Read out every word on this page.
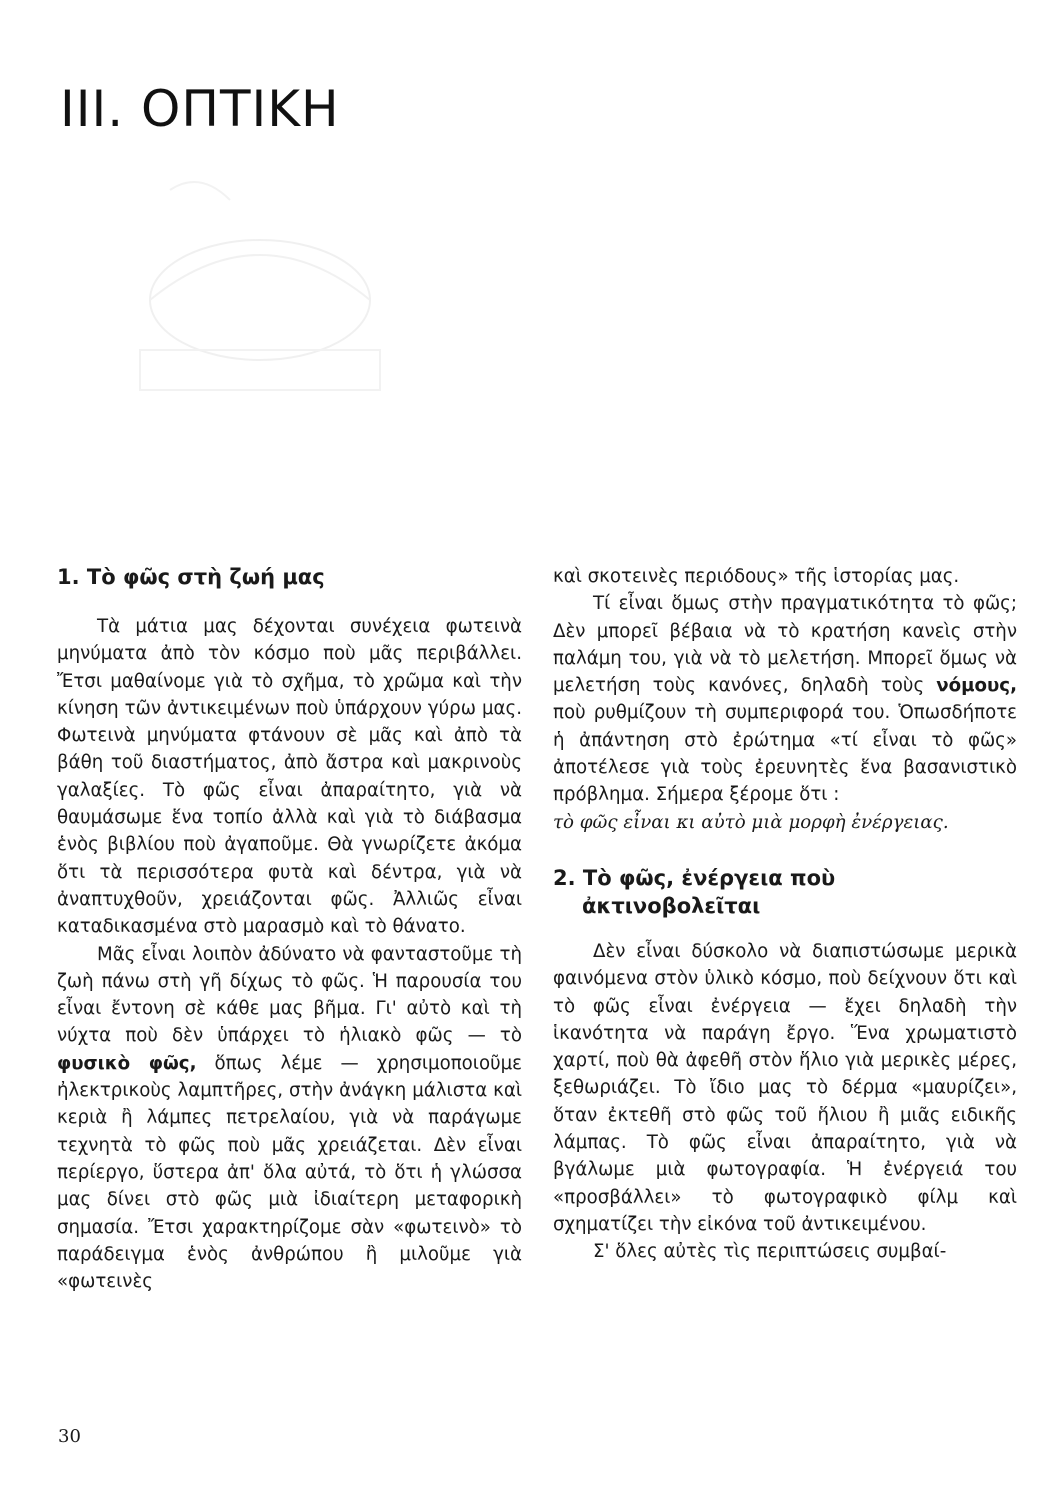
III. ΟΠΤΙΚΗ
1. Τὸ φῶς στὴ ζωή μας

Τὰ μάτια μας δέχονται συνέχεια φωτεινὰ μηνύματα ἀπὸ τὸν κόσμο ποὺ μᾶς περιβάλλει. Ἔτσι μαθαίνομε γιὰ τὸ σχῆμα, τὸ χρῶμα καὶ τὴν κίνηση τῶν ἀντικειμένων ποὺ ὑπάρχουν γύρω μας. Φωτεινὰ μηνύματα φτάνουν σὲ μᾶς καὶ ἀπὸ τὰ βάθη τοῦ διαστήματος, ἀπὸ ἄστρα καὶ μακρινοὺς γαλαξίες. Τὸ φῶς εἶναι ἀπαραίτητο, γιὰ νὰ θαυμάσωμε ἕνα τοπίο ἀλλὰ καὶ γιὰ τὸ διάβασμα ἑνὸς βιβλίου ποὺ ἀγαποῦμε. Θὰ γνωρίζετε ἀκόμα ὅτι τὰ περισσότερα φυτὰ καὶ δέντρα, γιὰ νὰ ἀναπτυχθοῦν, χρειάζονται φῶς. Ἀλλιῶς εἶναι καταδικασμένα στὸ μαρασμὸ καὶ τὸ θάνατο.

Μᾶς εἶναι λοιπὸν ἀδύνατο νὰ φανταστοῦμε τὴ ζωὴ πάνω στὴ γῆ δίχως τὸ φῶς. Ἡ παρουσία του εἶναι ἔντονη σὲ κάθε μας βῆμα. Γι' αὐτὸ καὶ τὴ νύχτα ποὺ δὲν ὑπάρχει τὸ ἡλιακὸ φῶς — τὸ φυσικὸ φῶς, ὅπως λέμε — χρησιμοποιοῦμε ἠλεκτρικοὺς λαμπτῆρες, στὴν ἀνάγκη μάλιστα καὶ κεριὰ ἢ λάμπες πετρελαίου, γιὰ νὰ παράγωμε τεχνητὰ τὸ φῶς ποὺ μᾶς χρειάζεται. Δὲν εἶναι περίεργο, ὕστερα ἀπ' ὅλα αὐτά, τὸ ὅτι ἡ γλώσσα μας δίνει στὸ φῶς μιὰ ἰδιαίτερη μεταφορικὴ σημασία. Ἔτσι χαρακτηρίζομε σὰν «φωτεινὸ» τὸ παράδειγμα ἑνὸς ἀνθρώπου ἢ μιλοῦμε γιὰ «φωτεινὲς

καὶ σκοτεινὲς περιόδους» τῆς ἱστορίας μας.

Τί εἶναι ὅμως στὴν πραγματικότητα τὸ φῶς; Δὲν μπορεῖ βέβαια νὰ τὸ κρατήση κανεὶς στὴν παλάμη του, γιὰ νὰ τὸ μελετήση. Μπορεῖ ὅμως νὰ μελετήση τοὺς κανόνες, δηλαδὴ τοὺς νόμους, ποὺ ρυθμίζουν τὴ συμπεριφορά του. Ὁπωσδήποτε ἡ ἀπάντηση στὸ ἐρώτημα «τί εἶναι τὸ φῶς» ἀποτέλεσε γιὰ τοὺς ἐρευνητὲς ἕνα βασανιστικὸ πρόβλημα. Σήμερα ξέρομε ὅτι :

τὸ φῶς εἶναι κι αὐτὸ μιὰ μορφὴ ἐνέργειας.

2. Τὸ φῶς, ἐνέργεια ποὺ
ἀκτινοβολεῖται

Δὲν εἶναι δύσκολο νὰ διαπιστώσωμε μερικὰ φαινόμενα στὸν ὑλικὸ κόσμο, ποὺ δείχνουν ὅτι καὶ τὸ φῶς εἶναι ἐνέργεια — ἔχει δηλαδὴ τὴν ἱκανότητα νὰ παράγη ἔργο. Ἕνα χρωματιστὸ χαρτί, ποὺ θὰ ἀφεθῆ στὸν ἥλιο γιὰ μερικὲς μέρες, ξεθωριάζει. Τὸ ἴδιο μας τὸ δέρμα «μαυρίζει», ὅταν ἐκτεθῆ στὸ φῶς τοῦ ἥλιου ἢ μιᾶς ειδικῆς λάμπας. Τὸ φῶς εἶναι ἀπαραίτητο, γιὰ νὰ βγάλωμε μιὰ φωτογραφία. Ἡ ἐνέργειά του «προσβάλλει» τὸ φωτογραφικὸ φίλμ καὶ σχηματίζει τὴν εἰκόνα τοῦ ἀντικειμένου.

Σ' ὅλες αὐτὲς τὶς περιπτώσεις συμβαί-

30
